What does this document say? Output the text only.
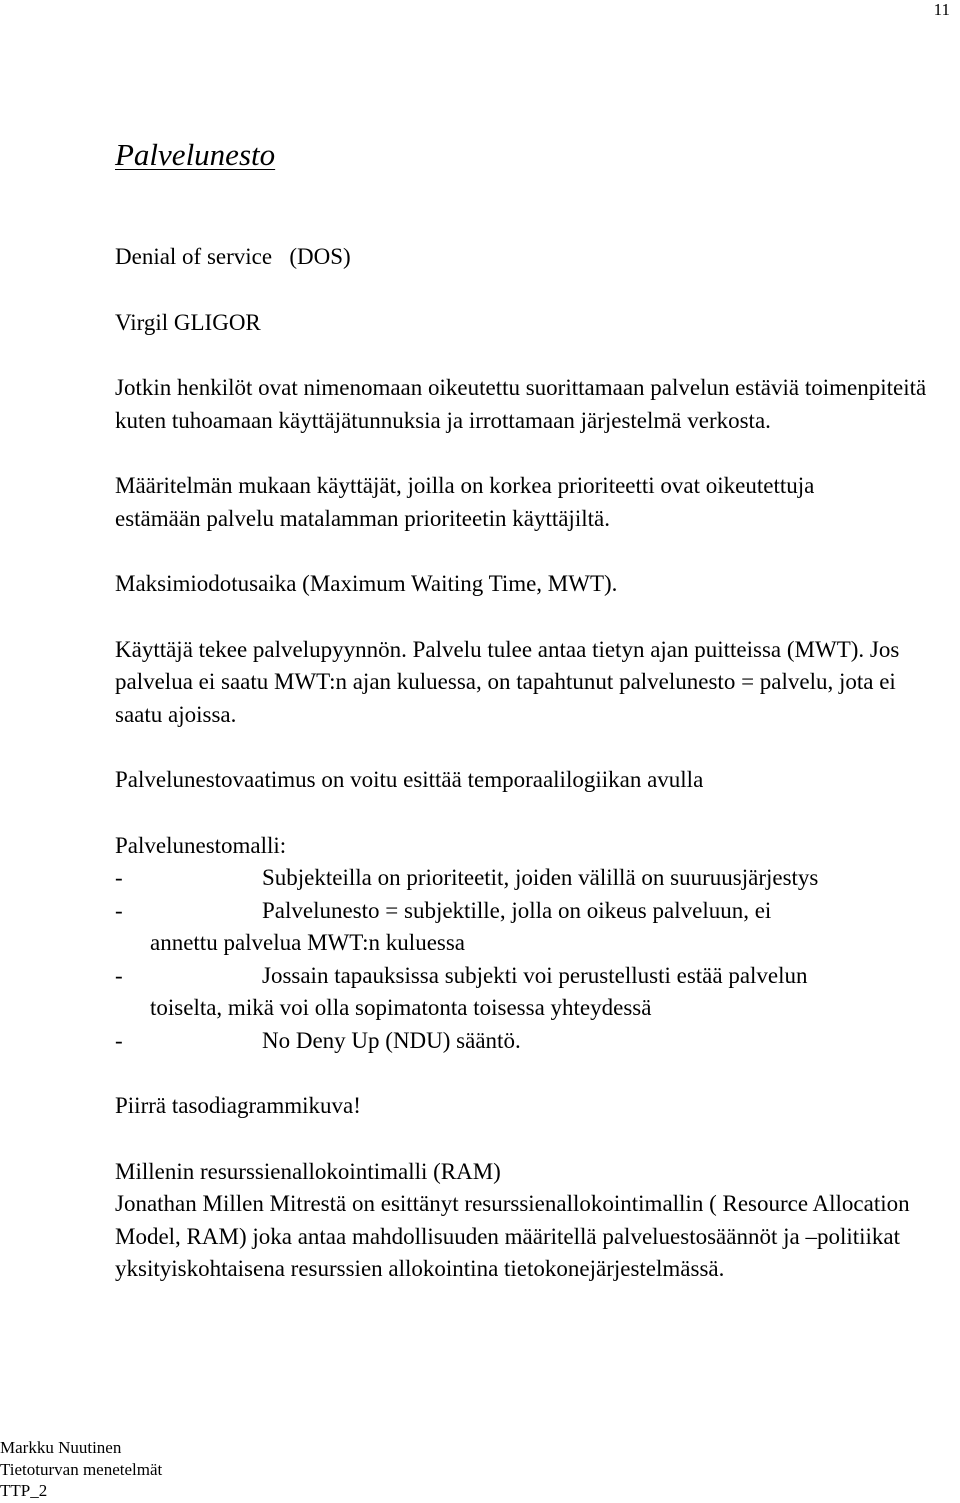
11
Palvelunesto
Denial of service   (DOS)
Virgil GLIGOR
Jotkin henkilöt ovat nimenomaan oikeutettu suorittamaan palvelun estäviä toimenpiteitä kuten tuhoamaan käyttäjätunnuksia ja irrottamaan järjestelmä verkosta.
Määritelmän mukaan käyttäjät, joilla on korkea prioriteetti ovat oikeutettuja estämään palvelu matalamman prioriteetin käyttäjiltä.
Maksimiodotusaika (Maximum Waiting Time, MWT).
Käyttäjä tekee palvelupyynnön. Palvelu tulee antaa tietyn ajan puitteissa (MWT). Jos palvelua ei saatu MWT:n ajan kuluessa, on tapahtunut palvelunesto = palvelu, jota ei saatu ajoissa.
Palvelunestovaatimus on voitu esittää temporaalilogiikan avulla
Palvelunestomalli:
-	Subjekteilla on prioriteetit, joiden välillä on suuruusjärjestys
-	Palvelunesto = subjektille, jolla on oikeus palveluun, ei
annettu palvelua MWT:n kuluessa
-	Jossain tapauksissa subjekti voi perustellusti estää palvelun
toiselta, mikä voi olla sopimatonta toisessa yhteydessä
-	No Deny Up (NDU) sääntö.
Piirrä tasodiagrammikuva!
Millenin resurssienallokointimalli (RAM)
Jonathan Millen Mitrestä on esittänyt resurssienallokointimallin ( Resource Allocation Model, RAM) joka antaa mahdollisuuden määritellä palveluestosäännöt ja –politiikat yksityiskohtaisena resurssien allokointina tietokonejärjestelmässä.
Markku Nuutinen
Tietoturvan menetelmät
TTP_2
